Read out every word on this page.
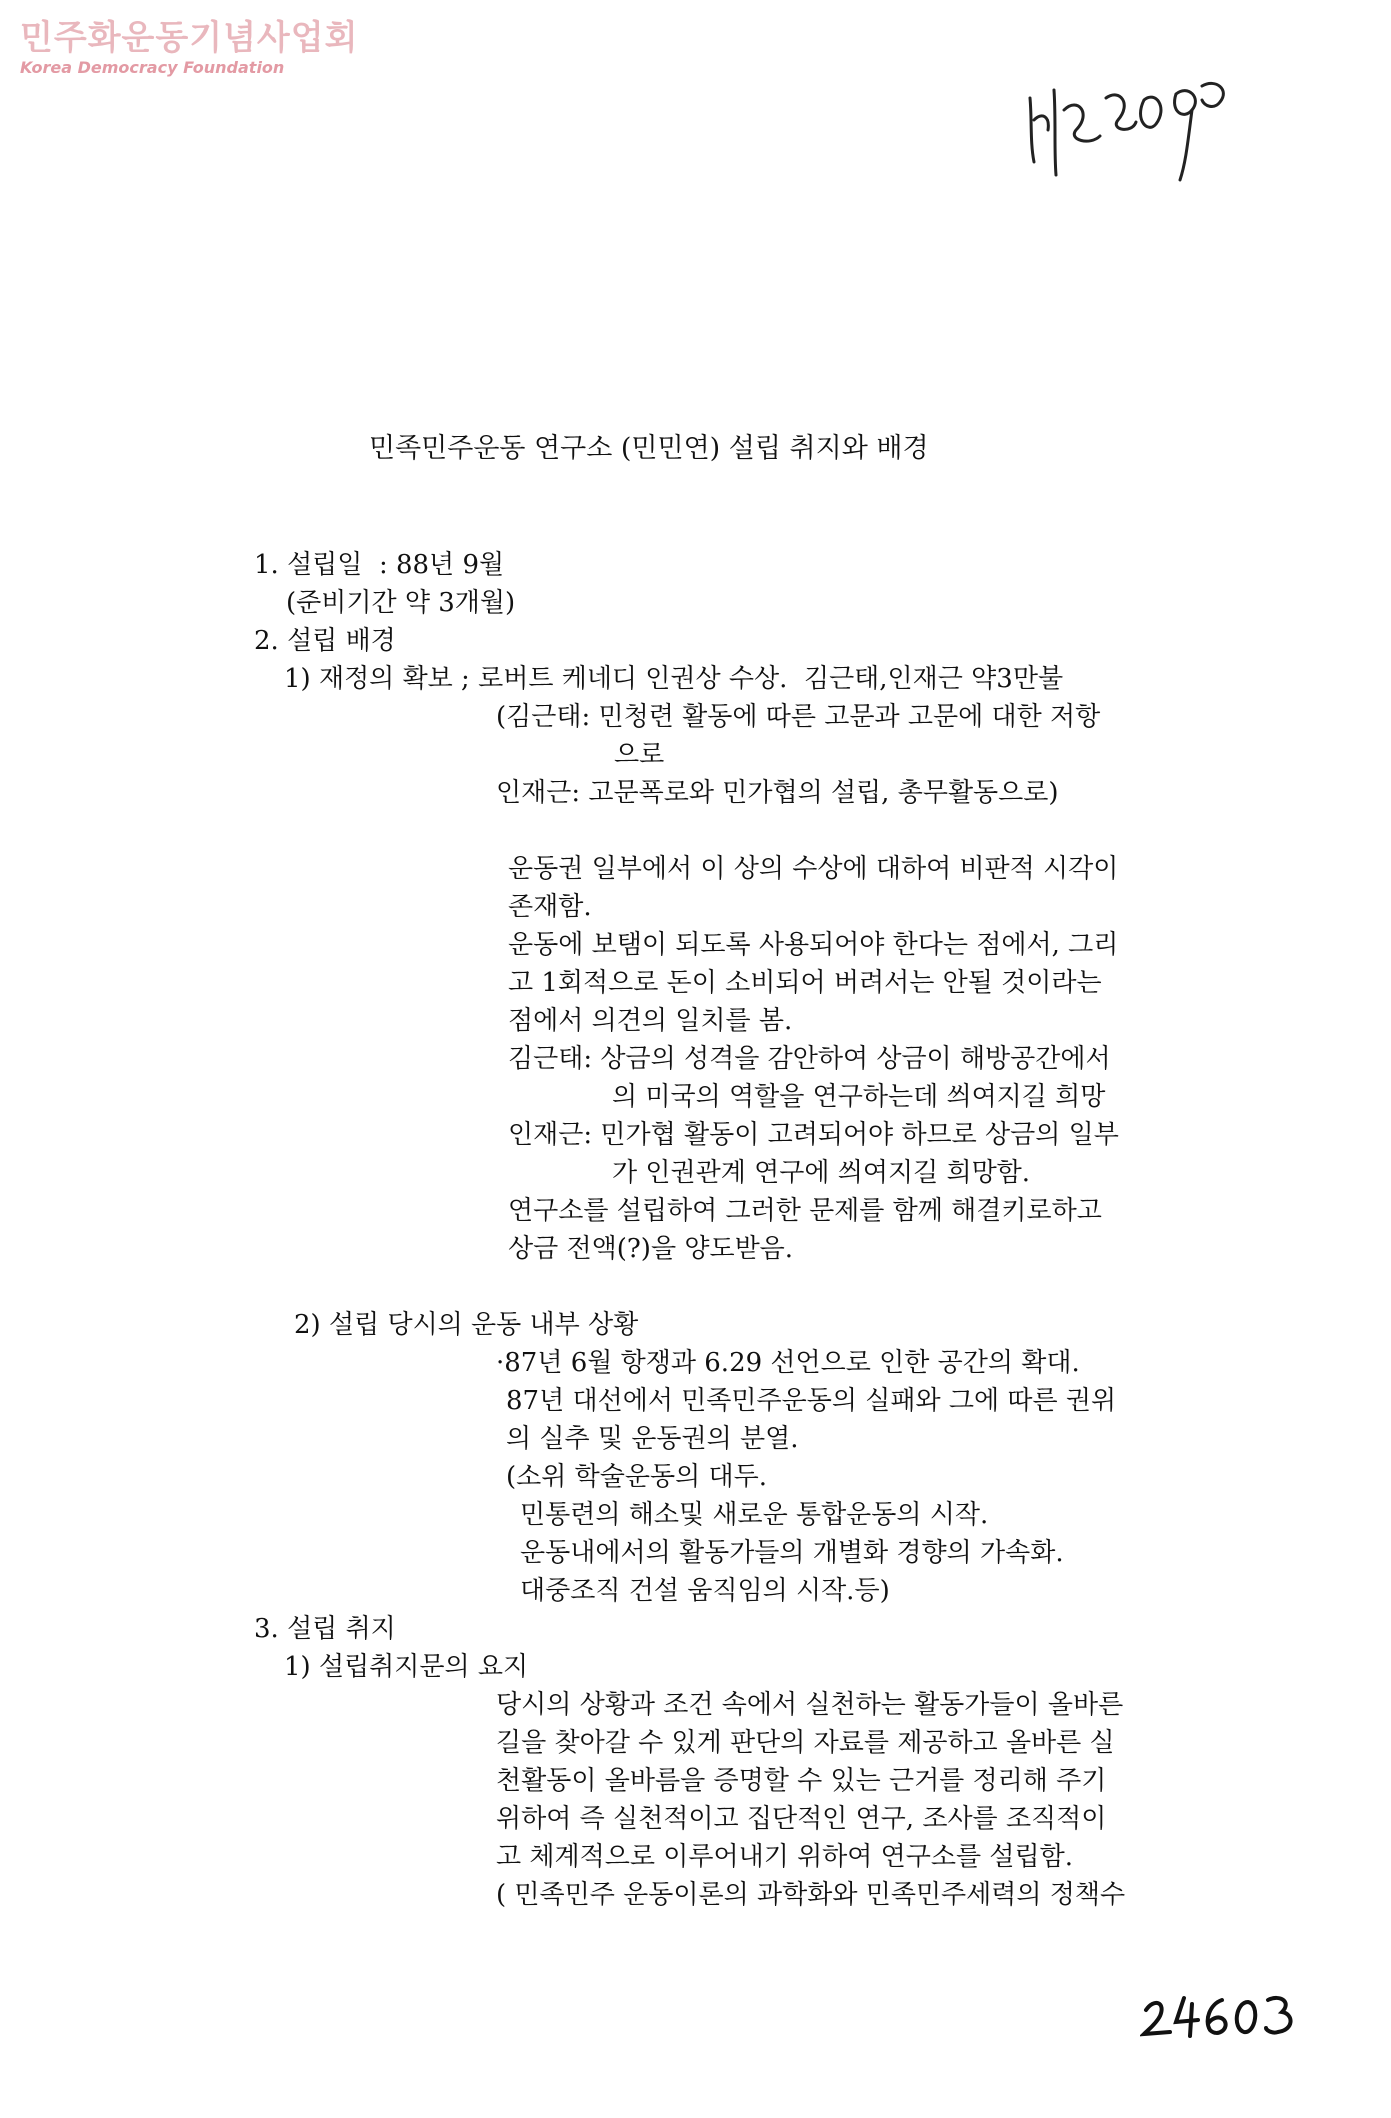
민주화운동기념사업회
Korea Democracy Foundation
민족민주운동 연구소 (민민연) 설립 취지와 배경
1. 설립일  : 88년 9월
(준비기간 약 3개월)
2. 설립 배경
1) 재정의 확보 ; 로버트 케네디 인권상 수상.  김근태,인재근 약3만불
(김근태: 민청련 활동에 따른 고문과 고문에 대한 저항
으로
인재근: 고문폭로와 민가협의 설립, 총무활동으로)
운동권 일부에서 이 상의 수상에 대하여 비판적 시각이
존재함.
운동에 보탬이 되도록 사용되어야 한다는 점에서, 그리
고 1회적으로 돈이 소비되어 버려서는 안될 것이라는
점에서 의견의 일치를 봄.
김근태: 상금의 성격을 감안하여 상금이 해방공간에서
의 미국의 역할을 연구하는데 씌여지길 희망
인재근: 민가협 활동이 고려되어야 하므로 상금의 일부
가 인권관계 연구에 씌여지길 희망함.
연구소를 설립하여 그러한 문제를 함께 해결키로하고
상금 전액(?)을 양도받음.
2) 설립 당시의 운동 내부 상황
·87년 6월 항쟁과 6.29 선언으로 인한 공간의 확대.
87년 대선에서 민족민주운동의 실패와 그에 따른 권위
의 실추 및 운동권의 분열.
(소위 학술운동의 대두.
민통련의 해소및 새로운 통합운동의 시작.
운동내에서의 활동가들의 개별화 경향의 가속화.
대중조직 건설 움직임의 시작.등)
3. 설립 취지
1) 설립취지문의 요지
당시의 상황과 조건 속에서 실천하는 활동가들이 올바른
길을 찾아갈 수 있게 판단의 자료를 제공하고 올바른 실
천활동이 올바름을 증명할 수 있는 근거를 정리해 주기
위하여 즉 실천적이고 집단적인 연구, 조사를 조직적이
고 체계적으로 이루어내기 위하여 연구소를 설립함.
( 민족민주 운동이론의 과학화와 민족민주세력의 정책수
